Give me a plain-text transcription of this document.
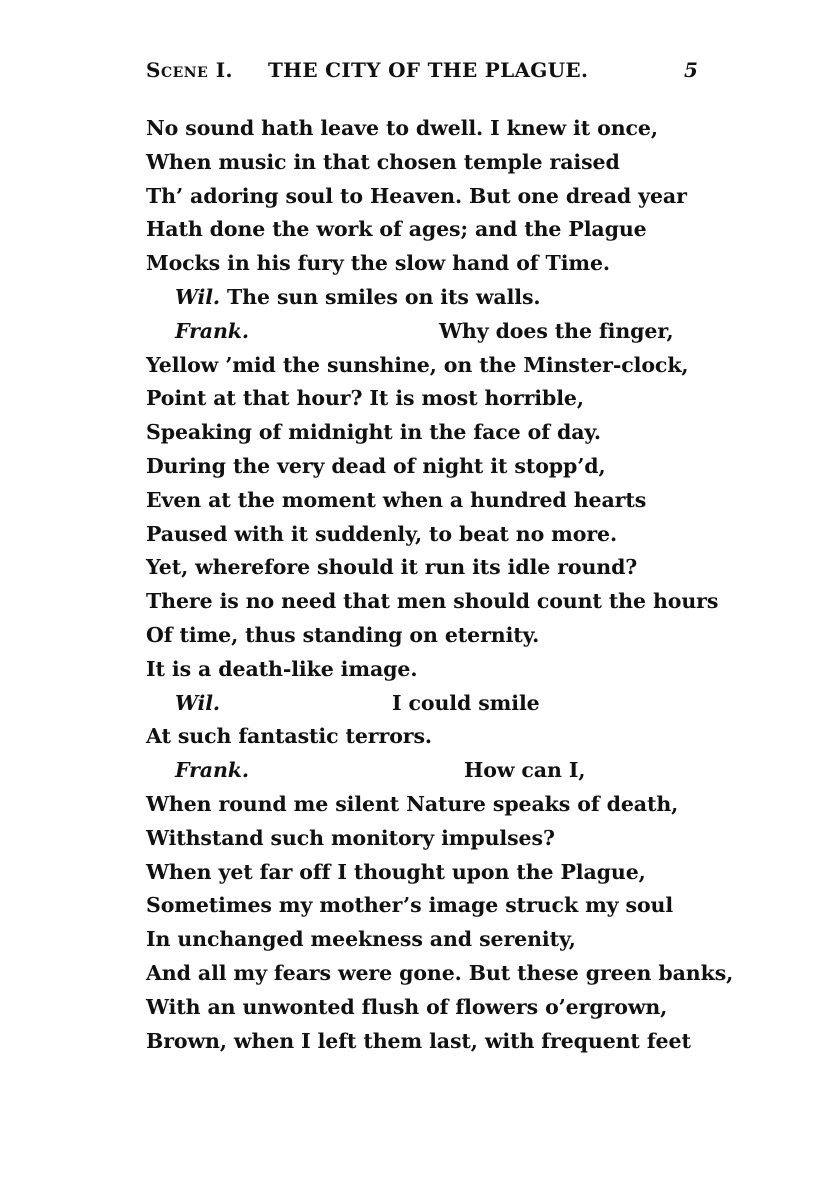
Scene I. THE CITY OF THE PLAGUE.	5
No sound hath leave to dwell. I knew it once,
When music in that chosen temple raised
Th’ adoring soul to Heaven. But one dread year
Hath done the work of ages; and the Plague
Mocks in his fury the slow hand of Time.
Wil. The sun smiles on its walls.
Frank.	Why does the finger,
Yellow ’mid the sunshine, on the Minster-clock,
Point at that hour? It is most horrible,
Speaking of midnight in the face of day.
During the very dead of night it stopp’d,
Even at the moment when a hundred hearts
Paused with it suddenly, to beat no more.
Yet, wherefore should it run its idle round?
There is no need that men should count the hours
Of time, thus standing on eternity.
It is a death-like image.
Wil.	I could smile
At such fantastic terrors.
Frank.	How can I,
When round me silent Nature speaks of death,
Withstand such monitory impulses?
When yet far off I thought upon the Plague,
Sometimes my mother’s image struck my soul
In unchanged meekness and serenity,
And all my fears were gone. But these green banks,
With an unwonted flush of flowers o’ergrown,
Brown, when I left them last, with frequent feet
